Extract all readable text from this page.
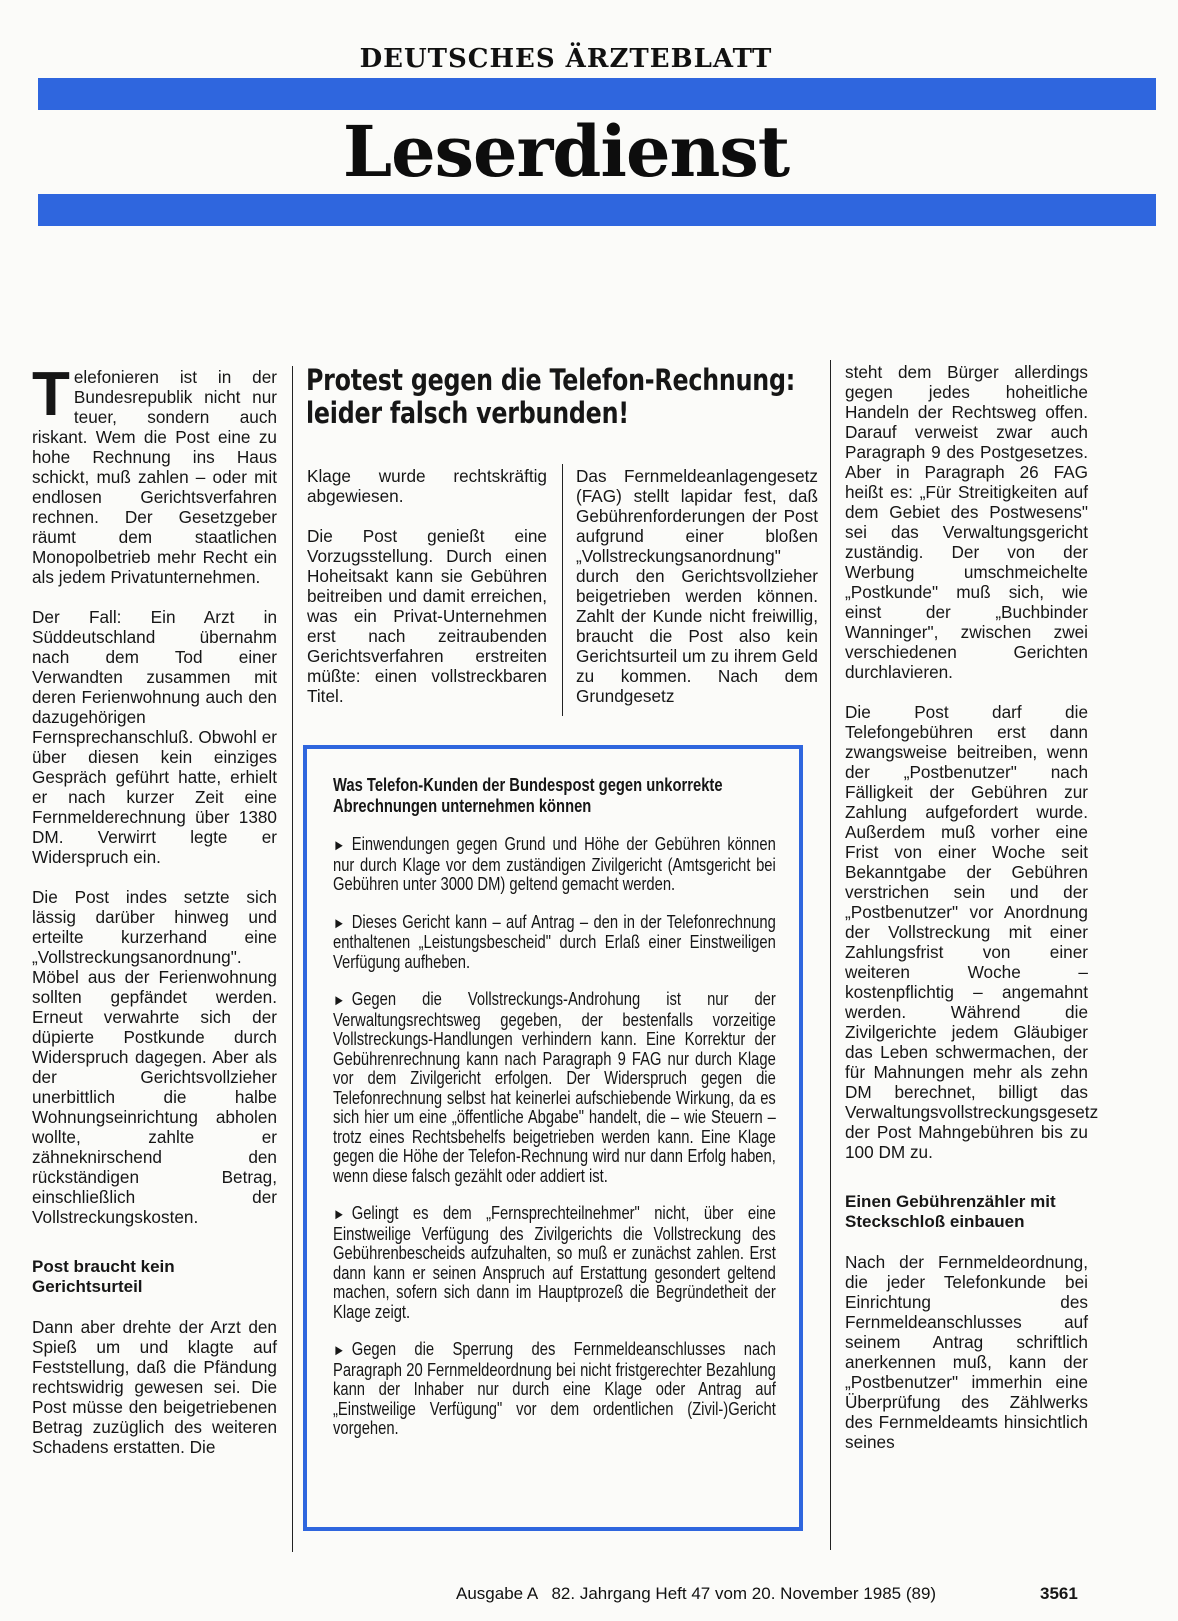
DEUTSCHES ÄRZTEBLATT
Leserdienst

Telefonieren ist in der Bundesrepublik nicht nur teuer, sondern auch riskant. Wem die Post eine zu hohe Rechnung ins Haus schickt, muß zahlen – oder mit endlosen Gerichtsverfahren rechnen. Der Gesetzgeber räumt dem staatlichen Monopolbetrieb mehr Recht ein als jedem Privatunternehmen.

Der Fall: Ein Arzt in Süddeutschland übernahm nach dem Tod einer Verwandten zusammen mit deren Ferienwohnung auch den dazugehörigen Fernsprechanschluß. Obwohl er über diesen kein einziges Gespräch geführt hatte, erhielt er nach kurzer Zeit eine Fernmelderechnung über 1380 DM. Verwirrt legte er Widerspruch ein.

Die Post indes setzte sich lässig darüber hinweg und erteilte kurzerhand eine „Vollstreckungsanordnung". Möbel aus der Ferienwohnung sollten gepfändet werden. Erneut verwahrte sich der düpierte Postkunde durch Widerspruch dagegen. Aber als der Gerichtsvollzieher unerbittlich die halbe Wohnungseinrichtung abholen wollte, zahlte er zähneknirschend den rückständigen Betrag, einschließlich der Vollstreckungskosten.

Post braucht kein Gerichtsurteil

Dann aber drehte der Arzt den Spieß um und klagte auf Feststellung, daß die Pfändung rechtswidrig gewesen sei. Die Post müsse den beigetriebenen Betrag zuzüglich des weiteren Schadens erstatten. Die

Protest gegen die Telefon-Rechnung:
leider falsch verbunden!

Klage wurde rechtskräftig abgewiesen.

Die Post genießt eine Vorzugsstellung. Durch einen Hoheitsakt kann sie Gebühren beitreiben und damit erreichen, was ein Privat-Unternehmen erst nach zeitraubenden Gerichtsverfahren erstreiten müßte: einen vollstreckbaren Titel.

Das Fernmeldeanlagengesetz (FAG) stellt lapidar fest, daß Gebührenforderungen der Post aufgrund einer bloßen „Vollstreckungsanordnung" durch den Gerichtsvollzieher beigetrieben werden können. Zahlt der Kunde nicht freiwillig, braucht die Post also kein Gerichtsurteil um zu ihrem Geld zu kommen. Nach dem Grundgesetz

steht dem Bürger allerdings gegen jedes hoheitliche Handeln der Rechtsweg offen. Darauf verweist zwar auch Paragraph 9 des Postgesetzes. Aber in Paragraph 26 FAG heißt es: „Für Streitigkeiten auf dem Gebiet des Postwesens" sei das Verwaltungsgericht zuständig. Der von der Werbung umschmeichelte „Postkunde" muß sich, wie einst der „Buchbinder Wanninger", zwischen zwei verschiedenen Gerichten durchlavieren.

Die Post darf die Telefongebühren erst dann zwangsweise beitreiben, wenn der „Postbenutzer" nach Fälligkeit der Gebühren zur Zahlung aufgefordert wurde. Außerdem muß vorher eine Frist von einer Woche seit Bekanntgabe der Gebühren verstrichen sein und der „Postbenutzer" vor Anordnung der Vollstreckung mit einer Zahlungsfrist von einer weiteren Woche – kostenpflichtig – angemahnt werden. Während die Zivilgerichte jedem Gläubiger das Leben schwermachen, der für Mahnungen mehr als zehn DM berechnet, billigt das Verwaltungsvollstreckungsgesetz der Post Mahngebühren bis zu 100 DM zu.

Einen Gebührenzähler mit Steckschloß einbauen

Nach der Fernmeldeordnung, die jeder Telefonkunde bei Einrichtung des Fernmeldeanschlusses auf seinem Antrag schriftlich anerkennen muß, kann der „Postbenutzer" immerhin eine Überprüfung des Zählwerks des Fernmeldeamts hinsichtlich seines

Was Telefon-Kunden der Bundespost gegen unkorrekte Abrechnungen unternehmen können
► Einwendungen gegen Grund und Höhe der Gebühren können nur durch Klage vor dem zuständigen Zivilgericht (Amtsgericht bei Gebühren unter 3000 DM) geltend gemacht werden.
► Dieses Gericht kann – auf Antrag – den in der Telefonrechnung enthaltenen „Leistungsbescheid" durch Erlaß einer Einstweiligen Verfügung aufheben.
► Gegen die Vollstreckungs-Androhung ist nur der Verwaltungsrechtsweg gegeben, der bestenfalls vorzeitige Vollstreckungs-Handlungen verhindern kann. Eine Korrektur der Gebührenrechnung kann nach Paragraph 9 FAG nur durch Klage vor dem Zivilgericht erfolgen. Der Widerspruch gegen die Telefonrechnung selbst hat keinerlei aufschiebende Wirkung, da es sich hier um eine „öffentliche Abgabe" handelt, die – wie Steuern – trotz eines Rechtsbehelfs beigetrieben werden kann. Eine Klage gegen die Höhe der Telefon-Rechnung wird nur dann Erfolg haben, wenn diese falsch gezählt oder addiert ist.
► Gelingt es dem „Fernsprechteilnehmer" nicht, über eine Einstweilige Verfügung des Zivilgerichts die Vollstreckung des Gebührenbescheids aufzuhalten, so muß er zunächst zahlen. Erst dann kann er seinen Anspruch auf Erstattung gesondert geltend machen, sofern sich dann im Hauptprozeß die Begründetheit der Klage zeigt.
► Gegen die Sperrung des Fernmeldeanschlusses nach Paragraph 20 Fernmeldeordnung bei nicht fristgerechter Bezahlung kann der Inhaber nur durch eine Klage oder Antrag auf „Einstweilige Verfügung" vor dem ordentlichen (Zivil-)Gericht vorgehen.
Ausgabe A   82. Jahrgang Heft 47 vom 20. November 1985 (89)	3561
